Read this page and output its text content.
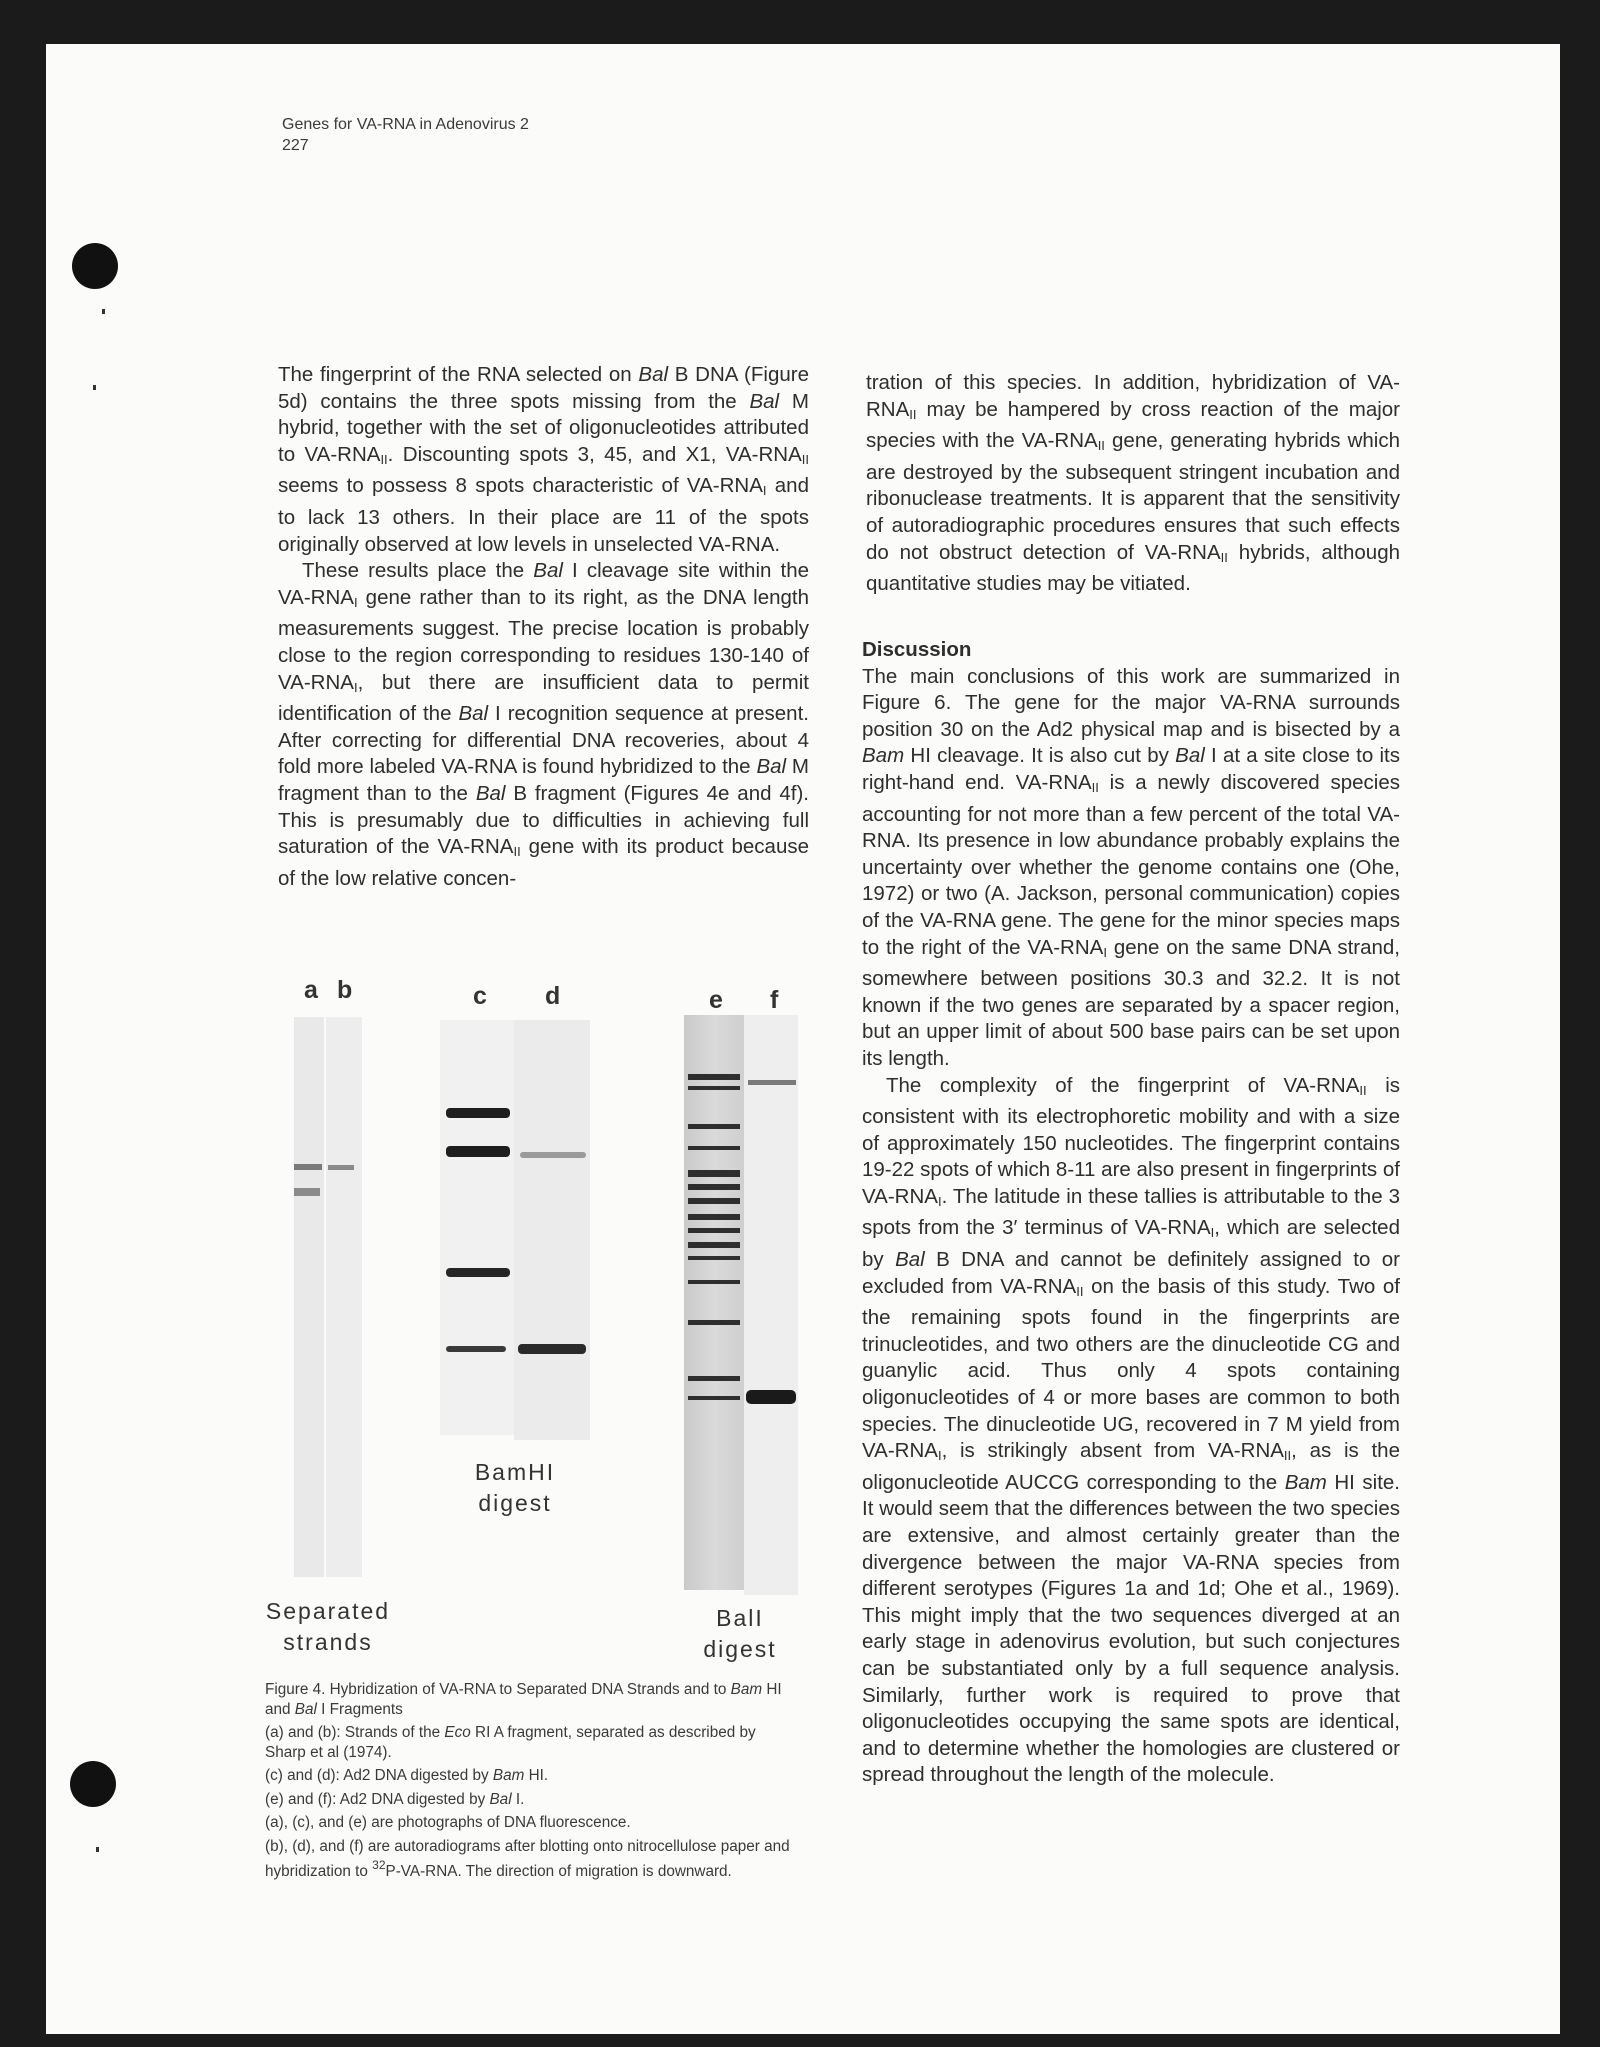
Genes for VA-RNA in Adenovirus 2
227

The fingerprint of the RNA selected on Bal B DNA (Figure 5d) contains the three spots missing from the Bal M hybrid, together with the set of oligonucleotides attributed to $VA-RNA_{II}$. Discounting spots 3, 45, and X1, $VA-RNA_{II}$ seems to possess 8 spots characteristic of $VA-RNA_I$ and to lack 13 others. In their place are 11 of the spots originally observed at low levels in unselected VA-RNA.

These results place the Bal I cleavage site within the $VA-RNA_I$ gene rather than to its right, as the DNA length measurements suggest. The precise location is probably close to the region corresponding to residues 130-140 of $VA-RNA_I$, but there are insufficient data to permit identification of the Bal I recognition sequence at present. After correcting for differential DNA recoveries, about 4 fold more labeled VA-RNA is found hybridized to the Bal M fragment than to the Bal B fragment (Figures 4e and 4f). This is presumably due to difficulties in achieving full saturation of the $VA-RNA_{II}$ gene with its product because of the low relative concen-

tration of this species. In addition, hybridization of $VA-RNA_{II}$ may be hampered by cross reaction of the major species with the $VA-RNA_{II}$ gene, generating hybrids which are destroyed by the subsequent stringent incubation and ribonuclease treatments. It is apparent that the sensitivity of autoradiographic procedures ensures that such effects do not obstruct detection of $VA-RNA_{II}$ hybrids, although quantitative studies may be vitiated.

Discussion

The main conclusions of this work are summarized in Figure 6. The gene for the major VA-RNA surrounds position 30 on the Ad2 physical map and is bisected by a Bam HI cleavage. It is also cut by Bal I at a site close to its right-hand end. $VA-RNA_{II}$ is a newly discovered species accounting for not more than a few percent of the total VA-RNA. Its presence in low abundance probably explains the uncertainty over whether the genome contains one (Ohe, 1972) or two (A. Jackson, personal communication) copies of the VA-RNA gene. The gene for the minor species maps to the right of the $VA-RNA_I$ gene on the same DNA strand, somewhere between positions 30.3 and 32.2. It is not known if the two genes are separated by a spacer region, but an upper limit of about 500 base pairs can be set upon its length.

The complexity of the fingerprint of $VA-RNA_{II}$ is consistent with its electrophoretic mobility and with a size of approximately 150 nucleotides. The fingerprint contains 19-22 spots of which 8-11 are also present in fingerprints of $VA-RNA_I$. The latitude in these tallies is attributable to the 3 spots from the 3′ terminus of $VA-RNA_I$, which are selected by Bal B DNA and cannot be definitely assigned to or excluded from $VA-RNA_{II}$ on the basis of this study. Two of the remaining spots found in the fingerprints are trinucleotides, and two others are the dinucleotide CG and guanylic acid. Thus only 4 spots containing oligonucleotides of 4 or more bases are common to both species. The dinucleotide UG, recovered in 7 M yield from $VA-RNA_I$, is strikingly absent from $VA-RNA_{II}$, as is the oligonucleotide AUCCG corresponding to the Bam HI site. It would seem that the differences between the two species are extensive, and almost certainly greater than the divergence between the major VA-RNA species from different serotypes (Figures 1a and 1d; Ohe et al., 1969). This might imply that the two sequences diverged at an early stage in adenovirus evolution, but such conjectures can be substantiated only by a full sequence analysis. Similarly, further work is required to prove that oligonucleotides occupying the same spots are identical, and to determine whether the homologies are clustered or spread throughout the length of the molecule.

a b	c d	e f
Separated strands
BamHI digest
BalI digest

Figure 4. Hybridization of VA-RNA to Separated DNA Strands and to Bam HI and Bal I Fragments

(a) and (b): Strands of the Eco RI A fragment, separated as described by Sharp et al (1974).

(c) and (d): Ad2 DNA digested by Bam HI.

(e) and (f): Ad2 DNA digested by Bal I.

(a), (c), and (e) are photographs of DNA fluorescence.

(b), (d), and (f) are autoradiograms after blotting onto nitrocellulose paper and hybridization to $^{32}$P-VA-RNA. The direction of migration is downward.
